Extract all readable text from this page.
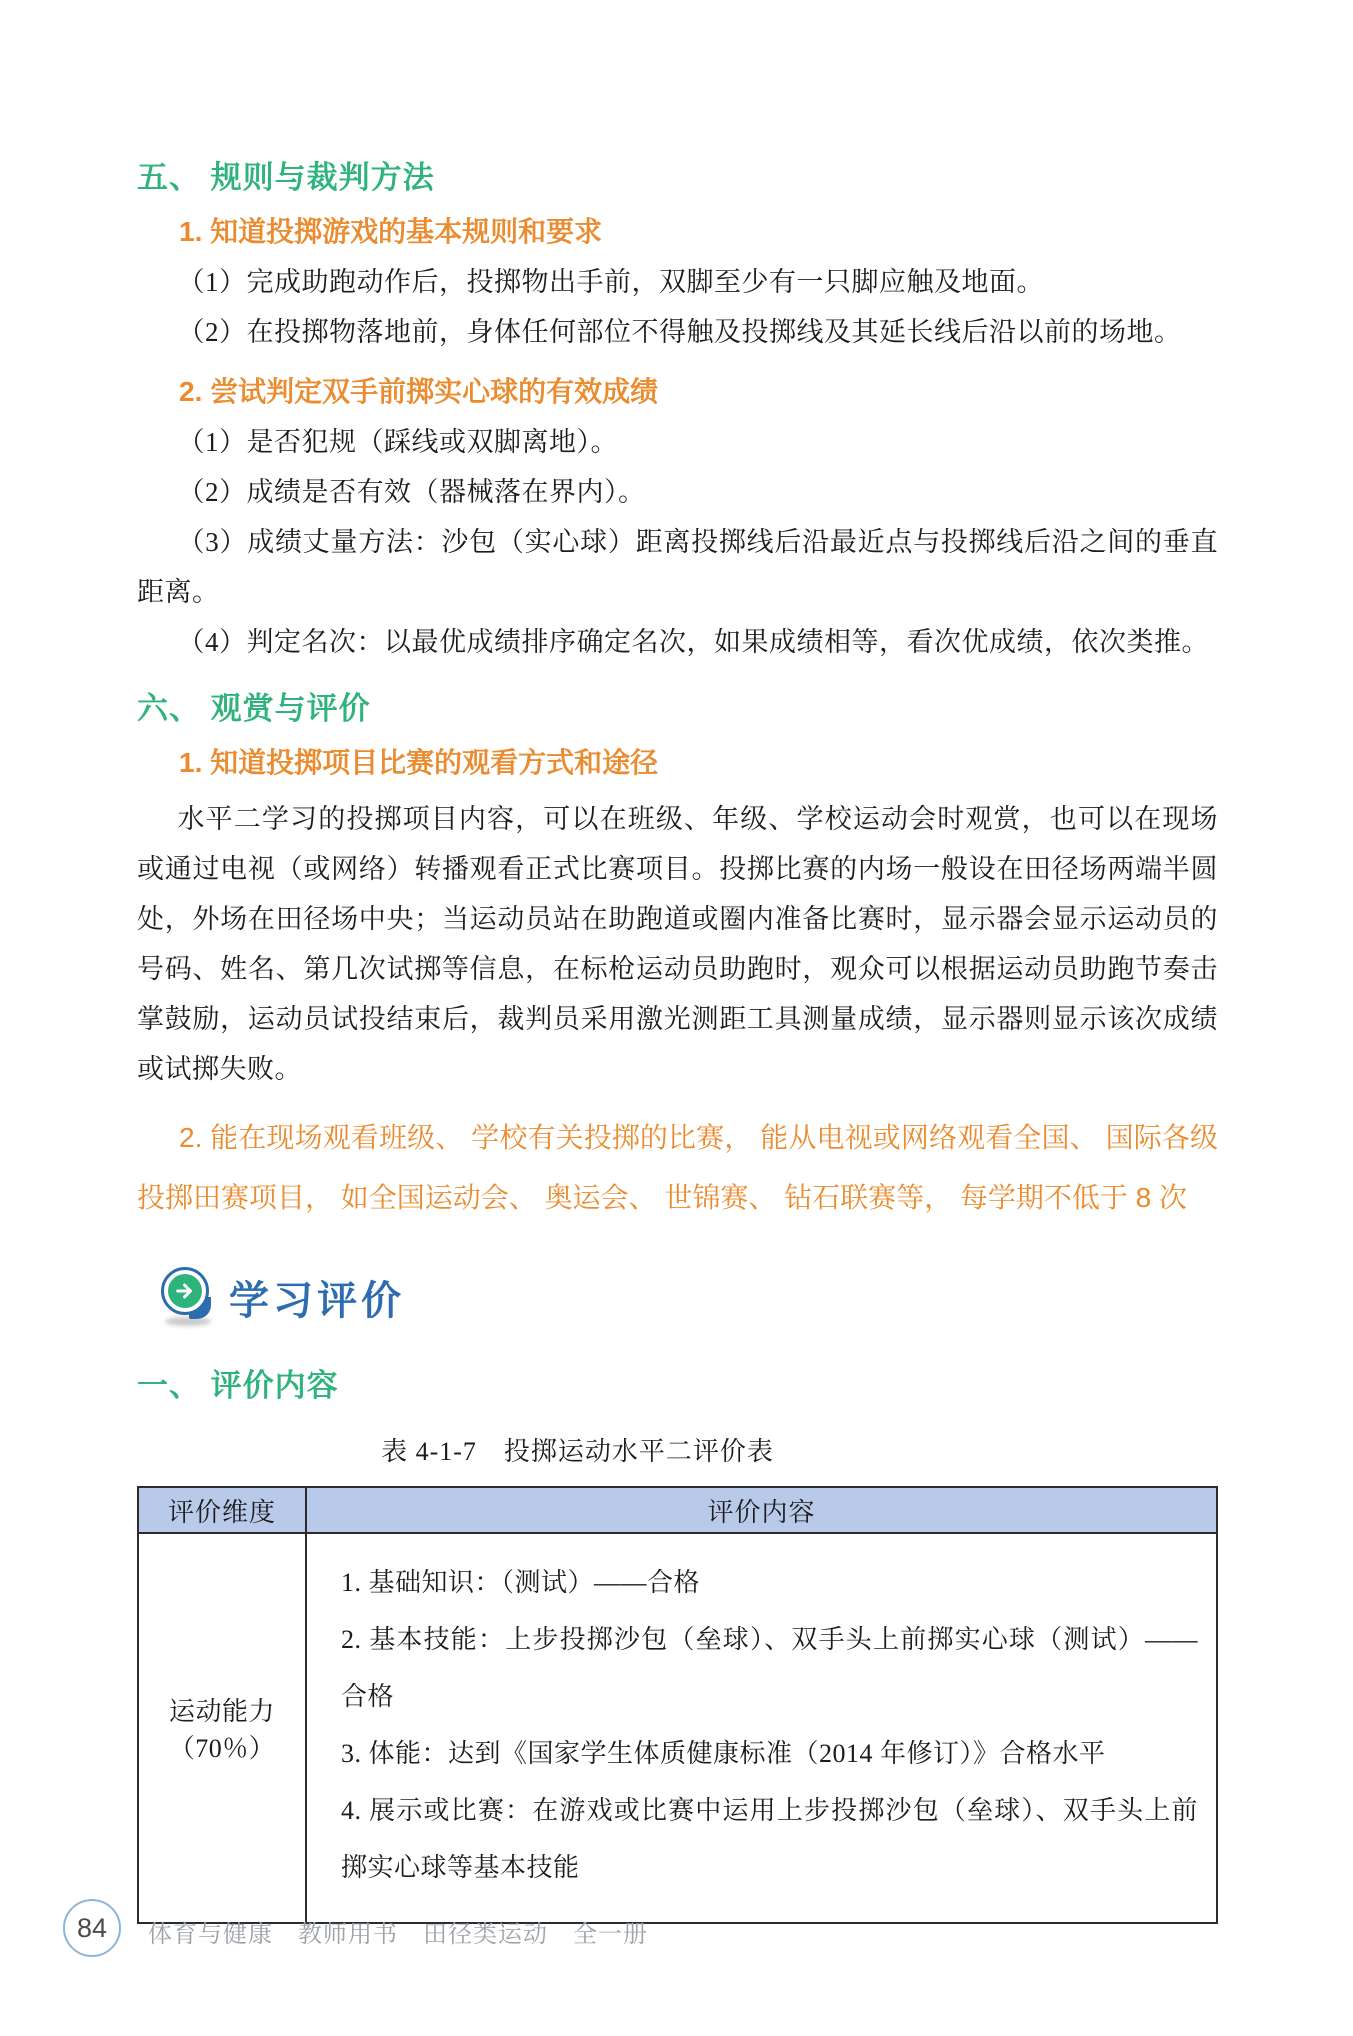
五、 规则与裁判方法
1. 知道投掷游戏的基本规则和要求
（1）完成助跑动作后，投掷物出手前，双脚至少有一只脚应触及地面。
（2）在投掷物落地前，身体任何部位不得触及投掷线及其延长线后沿以前的场地。
2. 尝试判定双手前掷实心球的有效成绩
（1）是否犯规（踩线或双脚离地）。
（2）成绩是否有效（器械落在界内）。
（3）成绩丈量方法：沙包（实心球）距离投掷线后沿最近点与投掷线后沿之间的垂直距离。
（4）判定名次：以最优成绩排序确定名次，如果成绩相等，看次优成绩，依次类推。
六、 观赏与评价
1. 知道投掷项目比赛的观看方式和途径
水平二学习的投掷项目内容，可以在班级、年级、学校运动会时观赏，也可以在现场或通过电视（或网络）转播观看正式比赛项目。投掷比赛的内场一般设在田径场两端半圆处，外场在田径场中央；当运动员站在助跑道或圈内准备比赛时，显示器会显示运动员的号码、姓名、第几次试掷等信息，在标枪运动员助跑时，观众可以根据运动员助跑节奏击掌鼓励，运动员试投结束后，裁判员采用激光测距工具测量成绩，显示器则显示该次成绩或试掷失败。
2. 能在现场观看班级、 学校有关投掷的比赛， 能从电视或网络观看全国、 国际各级投掷田赛项目， 如全国运动会、 奥运会、 世锦赛、 钻石联赛等， 每学期不低于 8 次
学习评价
一、 评价内容
表 4-1-7　投掷运动水平二评价表
评价维度	评价内容
运动能力（70％）	1. 基础知识：（测试）——合格
2. 基本技能：上步投掷沙包（垒球）、双手头上前掷实心球（测试）——合格
3. 体能：达到《国家学生体质健康标准（2014 年修订）》合格水平
4. 展示或比赛：在游戏或比赛中运用上步投掷沙包（垒球）、双手头上前掷实心球等基本技能
84	体育与健康　教师用书　田径类运动　全一册
